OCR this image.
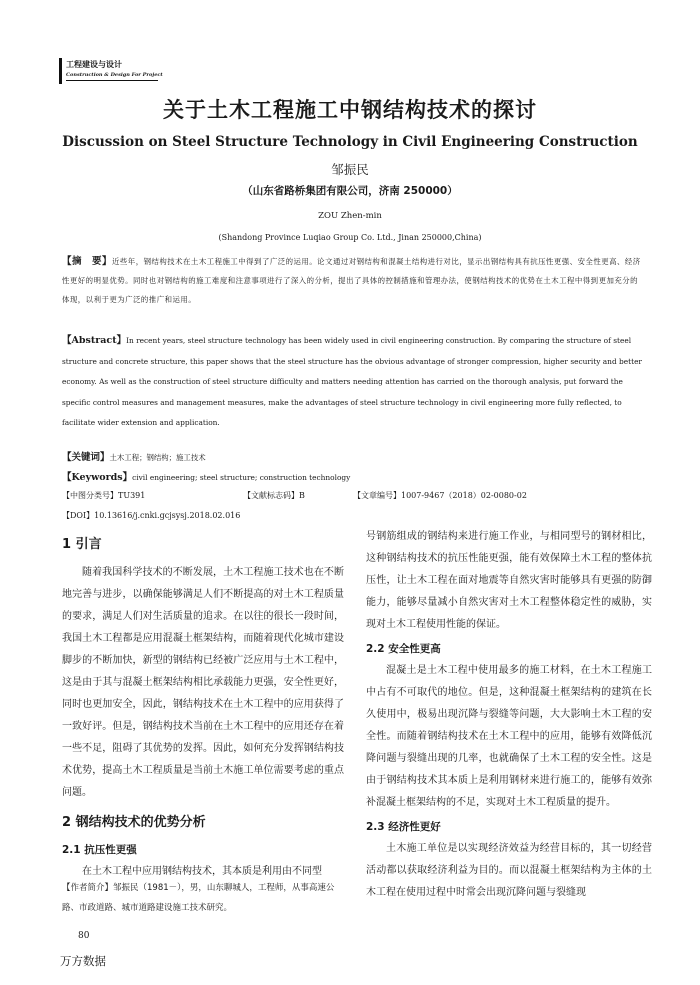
工程建设与设计
Construction & Design For Project
关于土木工程施工中钢结构技术的探讨
Discussion on Steel Structure Technology in Civil Engineering Construction
邹振民
（山东省路桥集团有限公司，济南 250000）
ZOU Zhen-min
(Shandong Province Luqiao Group Co. Ltd., Jinan 250000,China)
【摘　要】近些年，钢结构技术在土木工程施工中得到了广泛的运用。论文通过对钢结构和混凝土结构进行对比，显示出钢结构具有抗压性更强、安全性更高、经济性更好的明显优势。同时也对钢结构的施工难度和注意事项进行了深入的分析，提出了具体的控制措施和管理办法，使钢结构技术的优势在土木工程中得到更加充分的体现，以利于更为广泛的推广和运用。
【Abstract】In recent years, steel structure technology has been widely used in civil engineering construction. By comparing the structure of steel structure and concrete structure, this paper shows that the steel structure has the obvious advantage of stronger compression, higher security and better economy. As well as the construction of steel structure difficulty and matters needing attention has carried on the thorough analysis, put forward the specific control measures and management measures, make the advantages of steel structure technology in civil engineering more fully reflected, to facilitate wider extension and application.
【关键词】土木工程；钢结构；施工技术
【Keywords】civil engineering; steel structure; construction technology
【中图分类号】TU391	【文献标志码】B	【文章编号】1007-9467（2018）02-0080-02
【DOI】10.13616/j.cnki.gcjsysj.2018.02.016
1 引言

随着我国科学技术的不断发展，土木工程施工技术也在不断地完善与进步，以确保能够满足人们不断提高的对土木工程质量的要求，满足人们对生活质量的追求。在以往的很长一段时间，我国土木工程都是应用混凝土框架结构，而随着现代化城市建设脚步的不断加快，新型的钢结构已经被广泛应用与土木工程中，这是由于其与混凝土框架结构相比承载能力更强，安全性更好，同时也更加安全，因此，钢结构技术在土木工程中的应用获得了一致好评。但是，钢结构技术当前在土木工程中的应用还存在着一些不足，阻碍了其优势的发挥。因此，如何充分发挥钢结构技术优势，提高土木工程质量是当前土木施工单位需要考虑的重点问题。

2 钢结构技术的优势分析
2.1 抗压性更强

在土木工程中应用钢结构技术，其本质是利用由不同型

【作者简介】邹振民（1981－），男，山东聊城人，工程师，从事高速公路、市政道路、城市道路建设施工技术研究。

号钢筋组成的钢结构来进行施工作业，与相同型号的钢材相比，这种钢结构技术的抗压性能更强，能有效保障土木工程的整体抗压性，让土木工程在面对地震等自然灾害时能够具有更强的防御能力，能够尽量减小自然灾害对土木工程整体稳定性的威胁，实现对土木工程使用性能的保证。

2.2 安全性更高

混凝土是土木工程中使用最多的施工材料，在土木工程施工中占有不可取代的地位。但是，这种混凝土框架结构的建筑在长久使用中，极易出现沉降与裂缝等问题，大大影响土木工程的安全性。而随着钢结构技术在土木工程中的应用，能够有效降低沉降问题与裂缝出现的几率，也就确保了土木工程的安全性。这是由于钢结构技术其本质上是利用钢材来进行施工的，能够有效弥补混凝土框架结构的不足，实现对土木工程质量的提升。

2.3 经济性更好

土木施工单位是以实现经济效益为经营目标的，其一切经营活动都以获取经济利益为目的。而以混凝土框架结构为主体的土木工程在使用过程中时常会出现沉降问题与裂缝现

80
万方数据
